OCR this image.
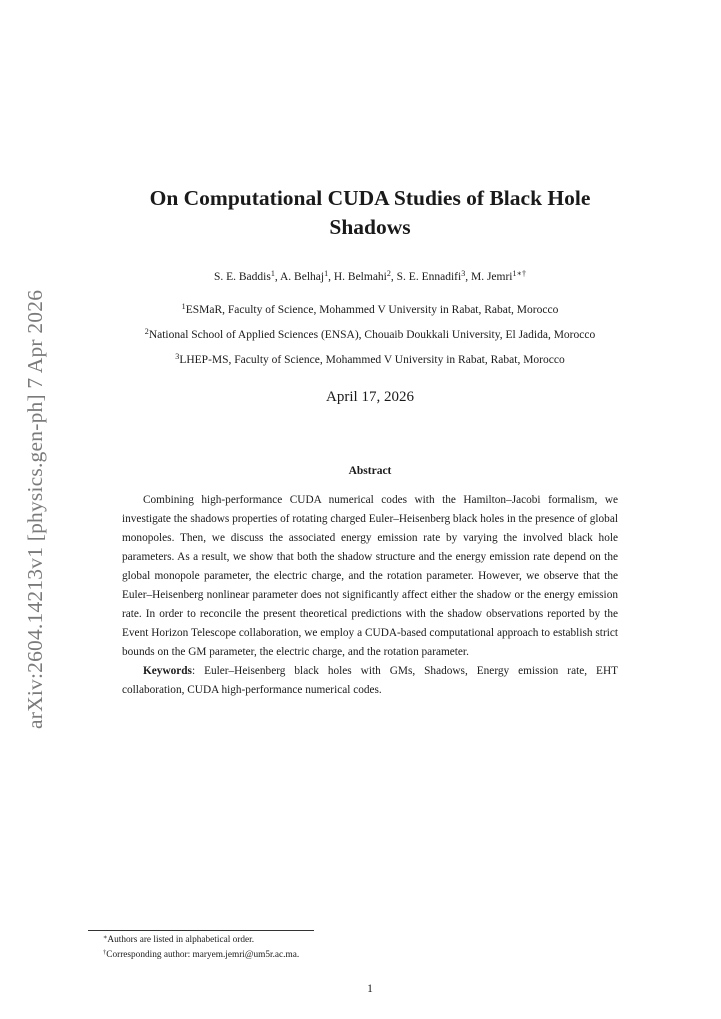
arXiv:2604.14213v1 [physics.gen-ph] 7 Apr 2026
On Computational CUDA Studies of Black Hole
Shadows
S. E. Baddis$^1$, A. Belhaj$^1$, H. Belmahi$^2$, S. E. Ennadifi$^3$, M. Jemri$^{1∗\dagger}$
$^1$ESMaR, Faculty of Science, Mohammed V University in Rabat, Rabat, Morocco
$^2$National School of Applied Sciences (ENSA), Chouaib Doukkali University, El Jadida, Morocco
$^3$LHEP-MS, Faculty of Science, Mohammed V University in Rabat, Rabat, Morocco
April 17, 2026
Abstract

Combining high-performance CUDA numerical codes with the Hamilton–Jacobi formalism, we investigate the shadows properties of rotating charged Euler–Heisenberg black holes in the presence of global monopoles. Then, we discuss the associated energy emission rate by varying the involved black hole parameters. As a result, we show that both the shadow structure and the energy emission rate depend on the global monopole parameter, the electric charge, and the rotation parameter. However, we observe that the Euler–Heisenberg nonlinear parameter does not significantly affect either the shadow or the energy emission rate. In order to reconcile the present theoretical predictions with the shadow observations reported by the Event Horizon Telescope collaboration, we employ a CUDA-based computational approach to establish strict bounds on the GM parameter, the electric charge, and the rotation parameter.

Keywords: Euler–Heisenberg black holes with GMs, Shadows, Energy emission rate, EHT collaboration, CUDA high-performance numerical codes.

∗Authors are listed in alphabetical order.
†Corresponding author: maryem.jemri@um5r.ac.ma.
1
